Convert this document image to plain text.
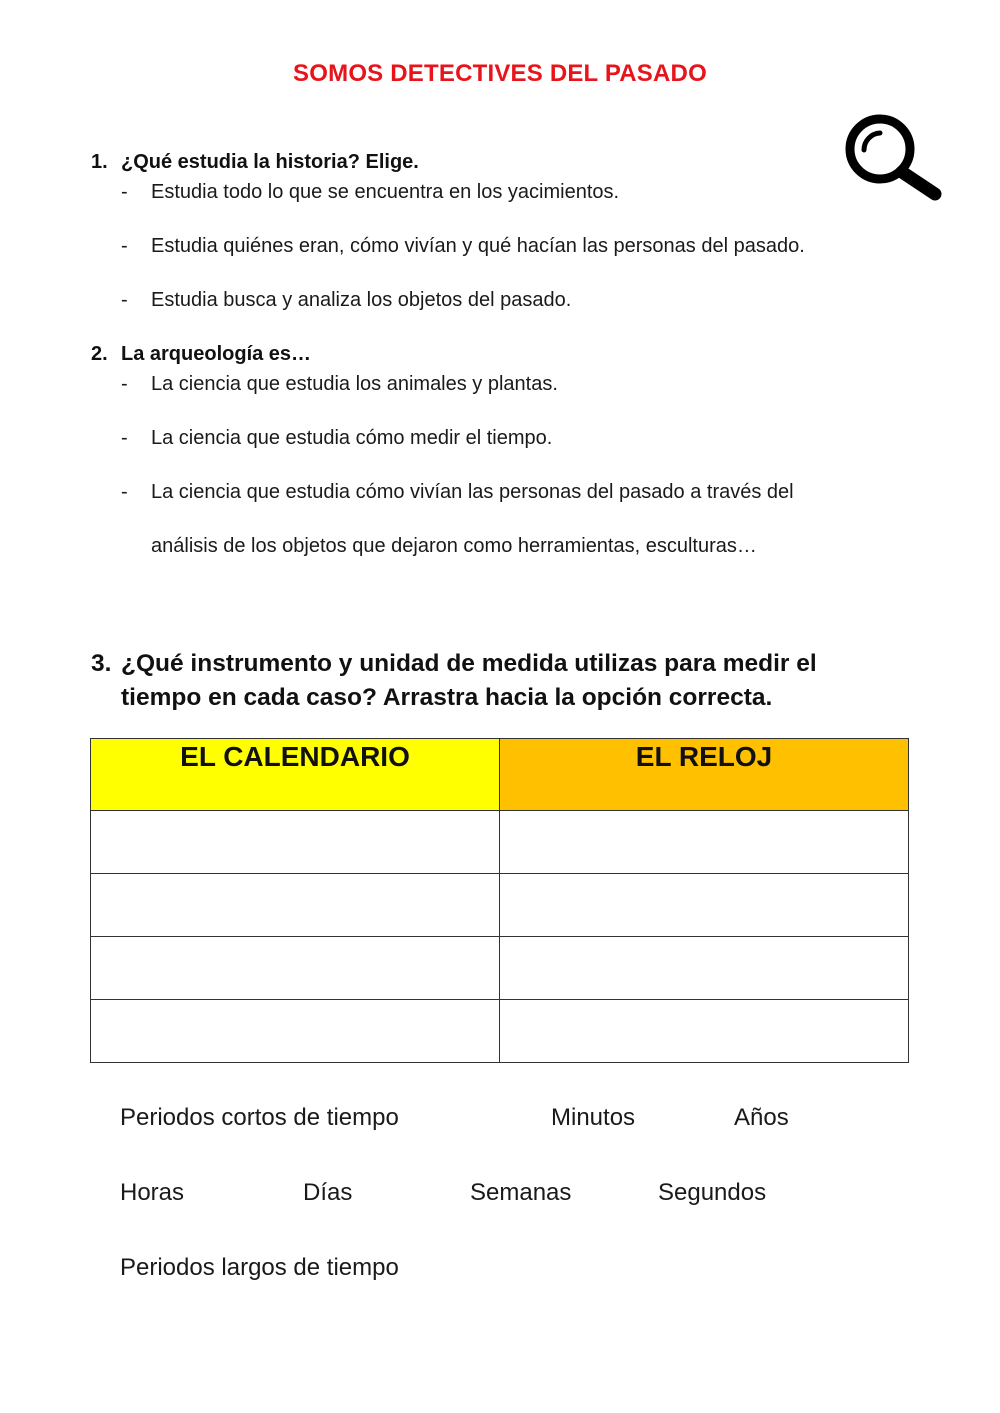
SOMOS DETECTIVES DEL PASADO
1. ¿Qué estudia la historia? Elige.
- Estudia todo lo que se encuentra en los yacimientos.
- Estudia quiénes eran, cómo vivían y qué hacían las personas del pasado.
- Estudia busca y analiza los objetos del pasado.
2. La arqueología es…
- La ciencia que estudia los animales y plantas.
- La ciencia que estudia cómo medir el tiempo.
- La ciencia que estudia cómo vivían las personas del pasado a través del
análisis de los objetos que dejaron como herramientas, esculturas…
3. ¿Qué instrumento y unidad de medida utilizas para medir el
tiempo en cada caso? Arrastra hacia la opción correcta.
EL CALENDARIO	EL RELOJ

Periodos cortos de tiempo	Minutos	Años
Horas	Días	Semanas	Segundos
Periodos largos de tiempo
